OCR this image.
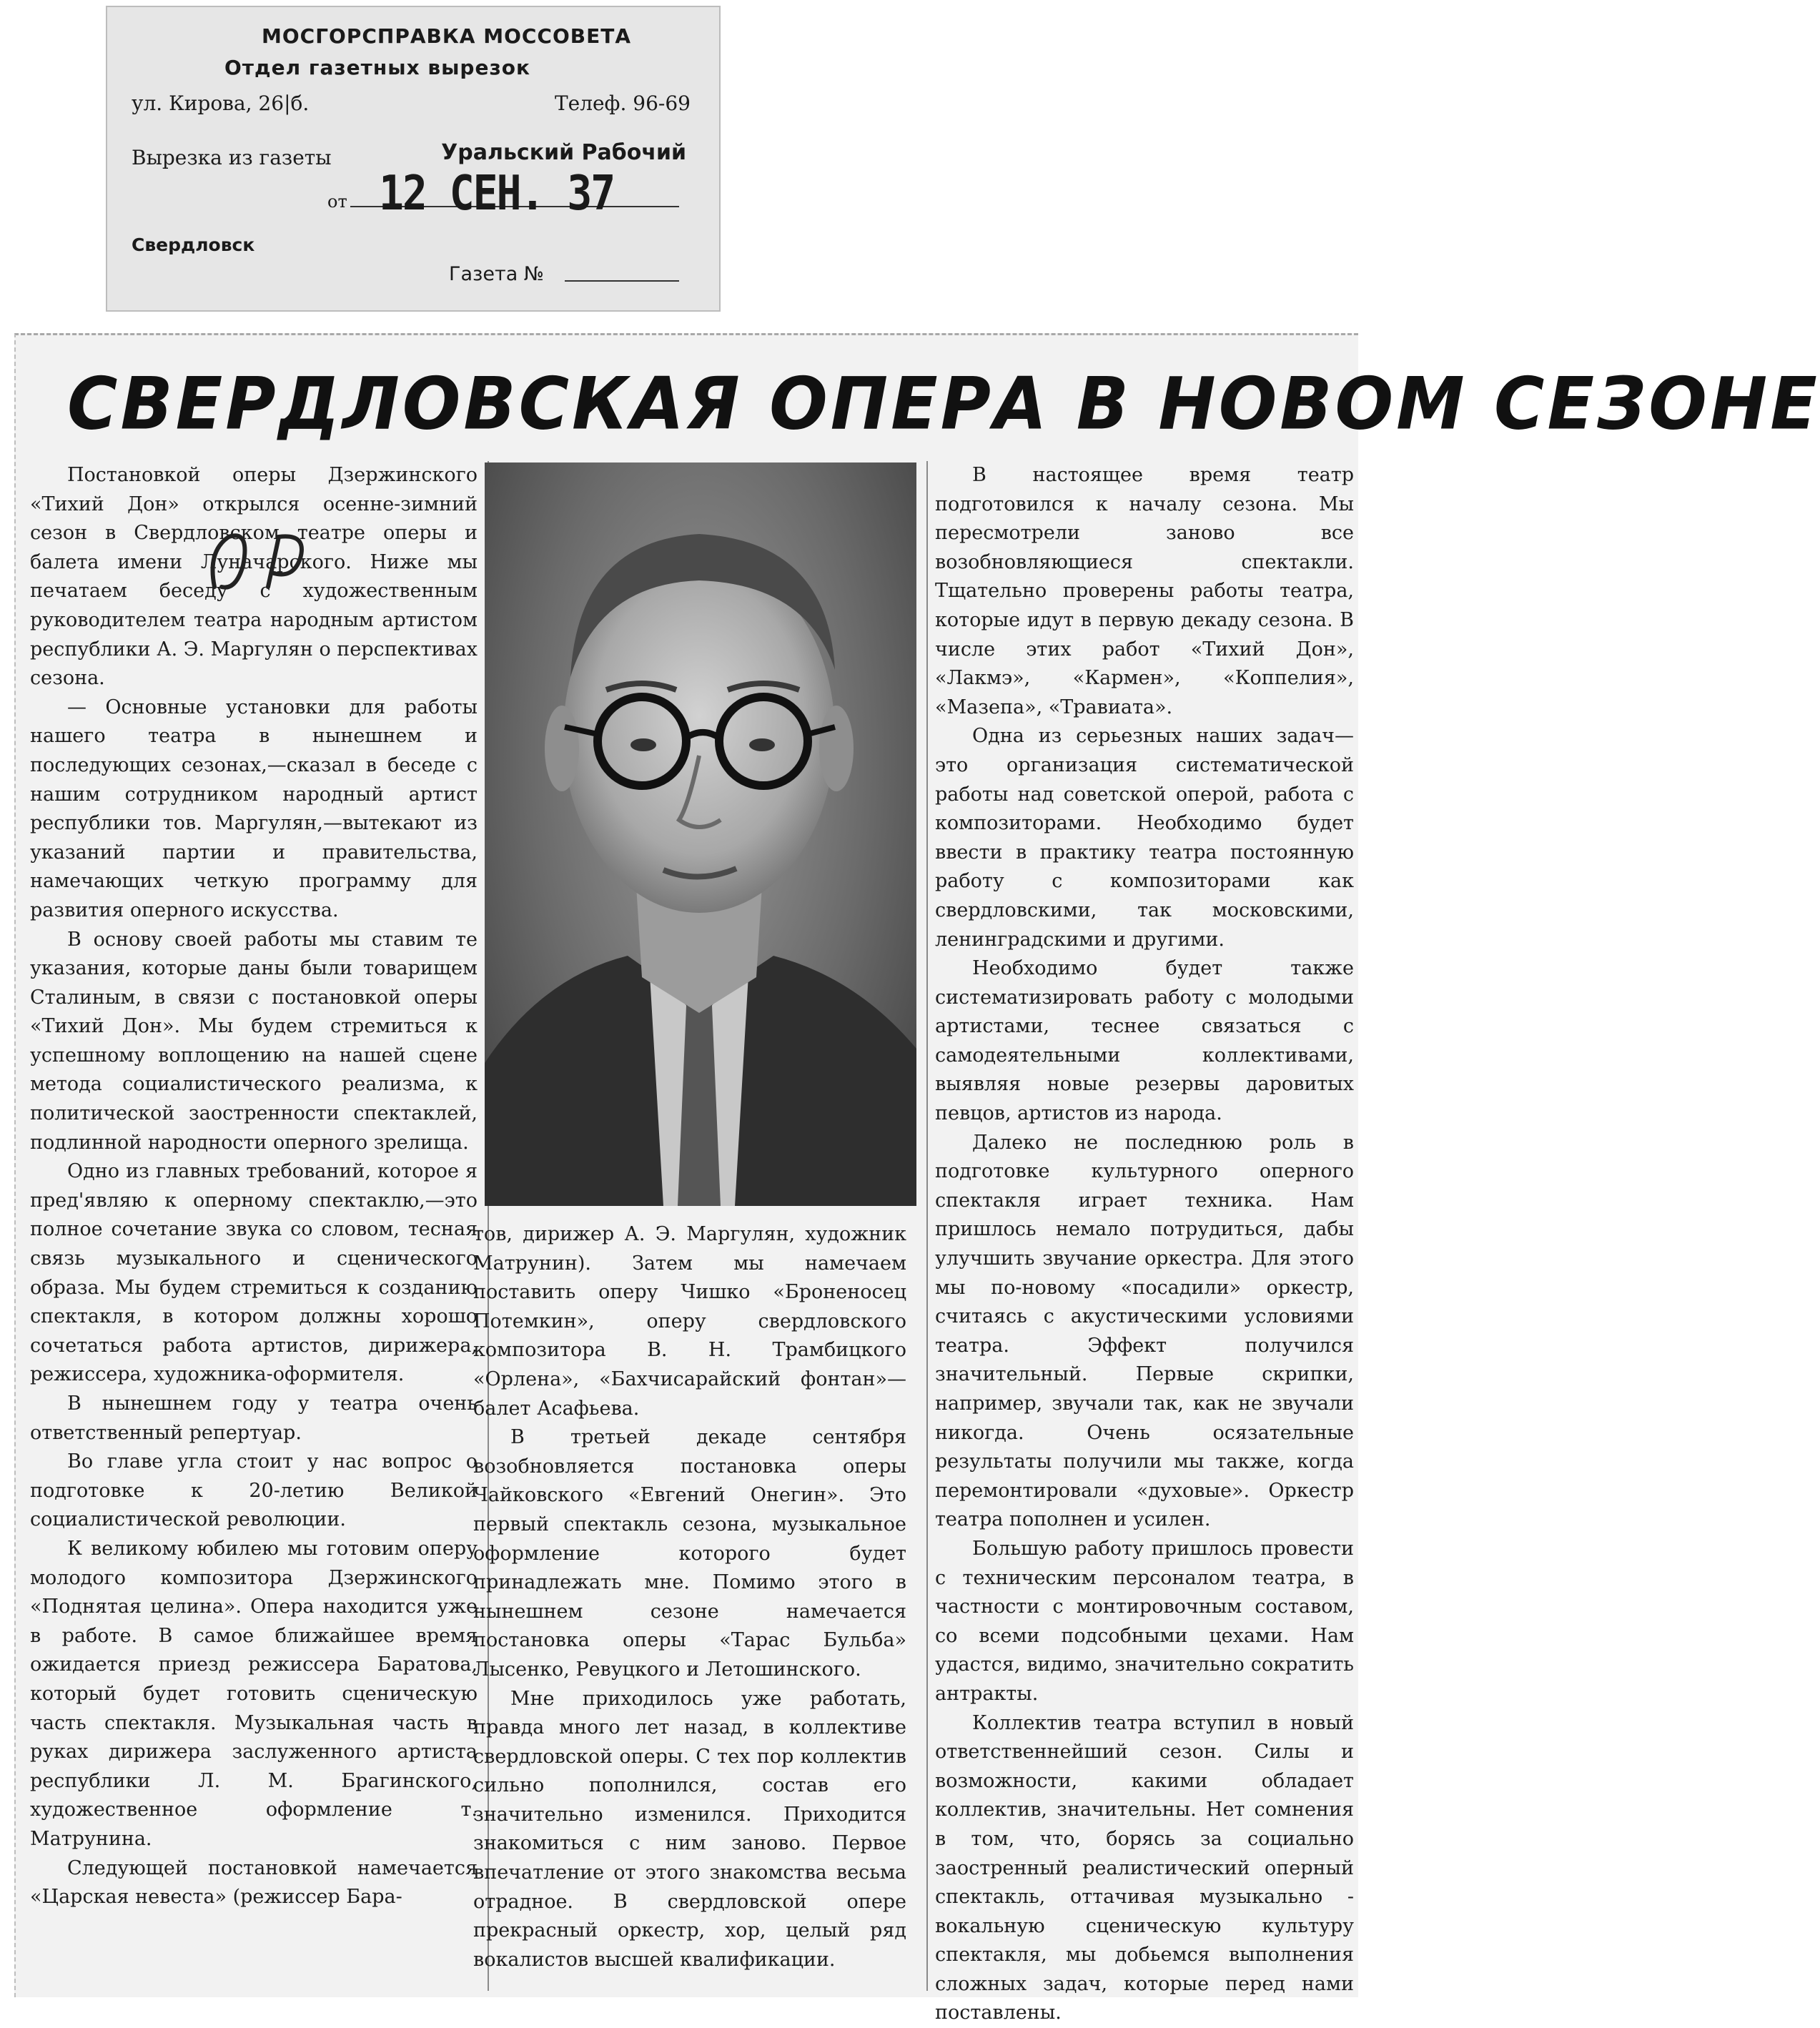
МОСГОРСПРАВКА МОССОВЕТА
Отдел газетных вырезок
ул. Кирова, 26|б.	Телеф. 96-69
Вырезка из газеты	Уральский Рабочий
от 12 СЕН. 37
Свердловск
Газета №
СВЕРДЛОВСКАЯ ОПЕРА В НОВОМ СЕЗОНЕ

Постановкой оперы Дзержинского «Тихий Дон» открылся осенне-зимний сезон в Свердловском театре оперы и балета имени Луначарского. Ниже мы печатаем беседу с художественным руководителем театра народным артистом республики А. Э. Маргулян о перспективах сезона.

— Основные установки для работы нашего театра в нынешнем и последующих сезонах,—сказал в беседе с нашим сотрудником народный артист республики тов. Маргулян,—вытекают из указаний партии и правительства, намечающих четкую программу для развития оперного искусства.

В основу своей работы мы ставим те указания, которые даны были товарищем Сталиным, в связи с постановкой оперы «Тихий Дон». Мы будем стремиться к успешному воплощению на нашей сцене метода социалистического реализма, к политической заостренности спектаклей, подлинной народности оперного зрелища.

Одно из главных требований, которое я пред'являю к оперному спектаклю,—это полное сочетание звука со словом, тесная связь музыкального и сценического образа. Мы будем стремиться к созданию спектакля, в котором должны хорошо сочетаться работа артистов, дирижера, режиссера, художника-оформителя.

В нынешнем году у театра очень ответственный репертуар.

Во главе угла стоит у нас вопрос о подготовке к 20-летию Великой социалистической революции.

К великому юбилею мы готовим оперу молодого композитора Дзержинского «Поднятая целина». Опера находится уже в работе. В самое ближайшее время ожидается приезд режиссера Баратова, который будет готовить сценическую часть спектакля. Музыкальная часть в руках дирижера заслуженного артиста республики Л. М. Брагинского, художественное оформление т. Матрунина.

Следующей постановкой намечается «Царская невеста» (режиссер Бара-

тов, дирижер А. Э. Маргулян, художник Матрунин). Затем мы намечаем поставить оперу Чишко «Броненосец Потемкин», оперу свердловского композитора В. Н. Трамбицкого «Орлена», «Бахчисарайский фонтан»—балет Асафьева.

В третьей декаде сентября возобновляется постановка оперы Чайковского «Евгений Онегин». Это первый спектакль сезона, музыкальное оформление которого будет принадлежать мне. Помимо этого в нынешнем сезоне намечается постановка оперы «Тарас Бульба» Лысенко, Ревуцкого и Летошинского.

Мне приходилось уже работать, правда много лет назад, в коллективе свердловской оперы. С тех пор коллектив сильно пополнился, состав его значительно изменился. Приходится знакомиться с ним заново. Первое впечатление от этого знакомства весьма отрадное. В свердловской опере прекрасный оркестр, хор, целый ряд вокалистов высшей квалификации.

В настоящее время театр подготовился к началу сезона. Мы пересмотрели заново все возобновляющиеся спектакли. Тщательно проверены работы театра, которые идут в первую декаду сезона. В числе этих работ «Тихий Дон», «Лакмэ», «Кармен», «Коппелия», «Мазепа», «Травиата».

Одна из серьезных наших задач—это организация систематической работы над советской оперой, работа с композиторами. Необходимо будет ввести в практику театра постоянную работу с композиторами как свердловскими, так московскими, ленинградскими и другими.

Необходимо будет также систематизировать работу с молодыми артистами, теснее связаться с самодеятельными коллективами, выявляя новые резервы даровитых певцов, артистов из народа.

Далеко не последнюю роль в подготовке культурного оперного спектакля играет техника. Нам пришлось немало потрудиться, дабы улучшить звучание оркестра. Для этого мы по-новому «посадили» оркестр, считаясь с акустическими условиями театра. Эффект получился значительный. Первые скрипки, например, звучали так, как не звучали никогда. Очень осязательные результаты получили мы также, когда перемонтировали «духовые». Оркестр театра пополнен и усилен.

Большую работу пришлось провести с техническим персоналом театра, в частности с монтировочным составом, со всеми подсобными цехами. Нам удастся, видимо, значительно сократить антракты.

Коллектив театра вступил в новый ответственнейший сезон. Силы и возможности, какими обладает коллектив, значительны. Нет сомнения в том, что, борясь за социально заостренный реалистический оперный спектакль, оттачивая музыкально - вокальную сценическую культуру спектакля, мы добьемся выполнения сложных задач, которые перед нами поставлены.
